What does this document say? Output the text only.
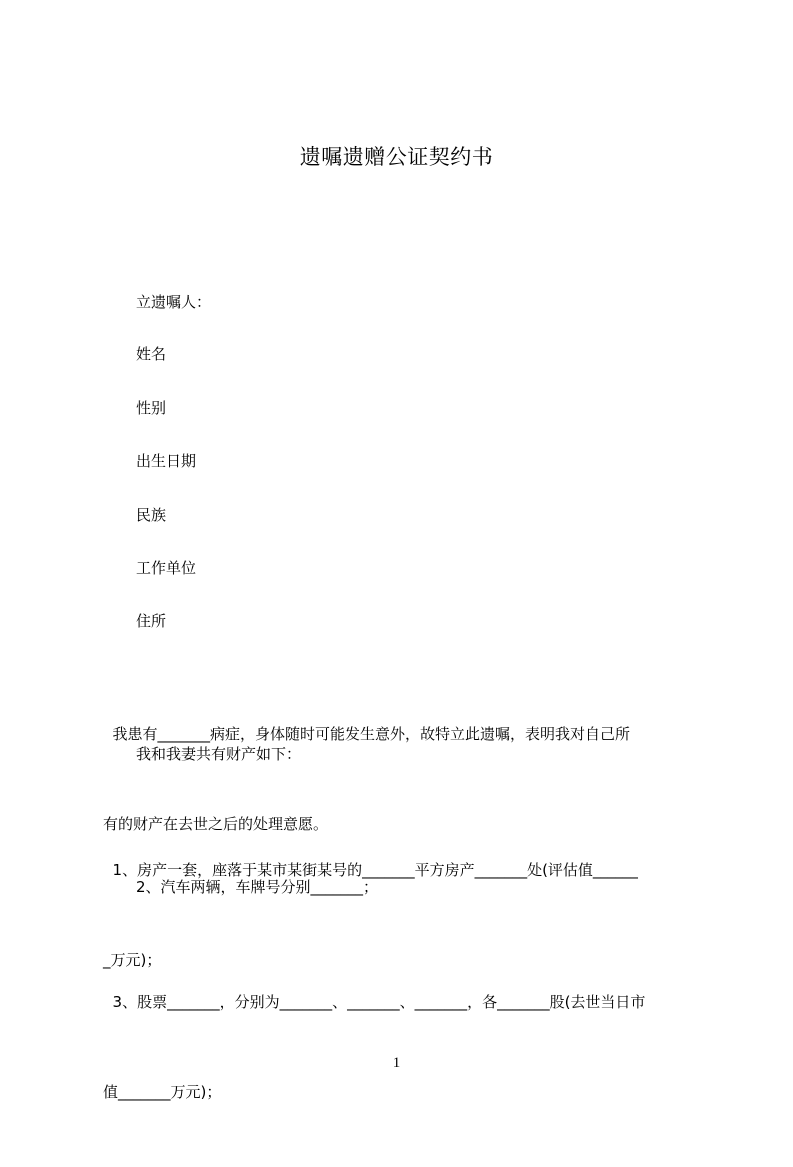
遗嘱遗赠公证契约书
立遗嘱人：
姓名
性别
出生日期
民族
工作单位
住所

我患有_______病症，身体随时可能发生意外，故特立此遗嘱，表明我对自己所

有的财产在去世之后的处理意愿。

我和我妻共有财产如下：

1、房产一套，座落于某市某街某号的_______平方房产_______处(评估值______

_万元)；

2、汽车两辆，车牌号分别_______；

3、股票_______，分别为_______、_______、_______，各_______股(去世当日市

值_______万元)；

1
